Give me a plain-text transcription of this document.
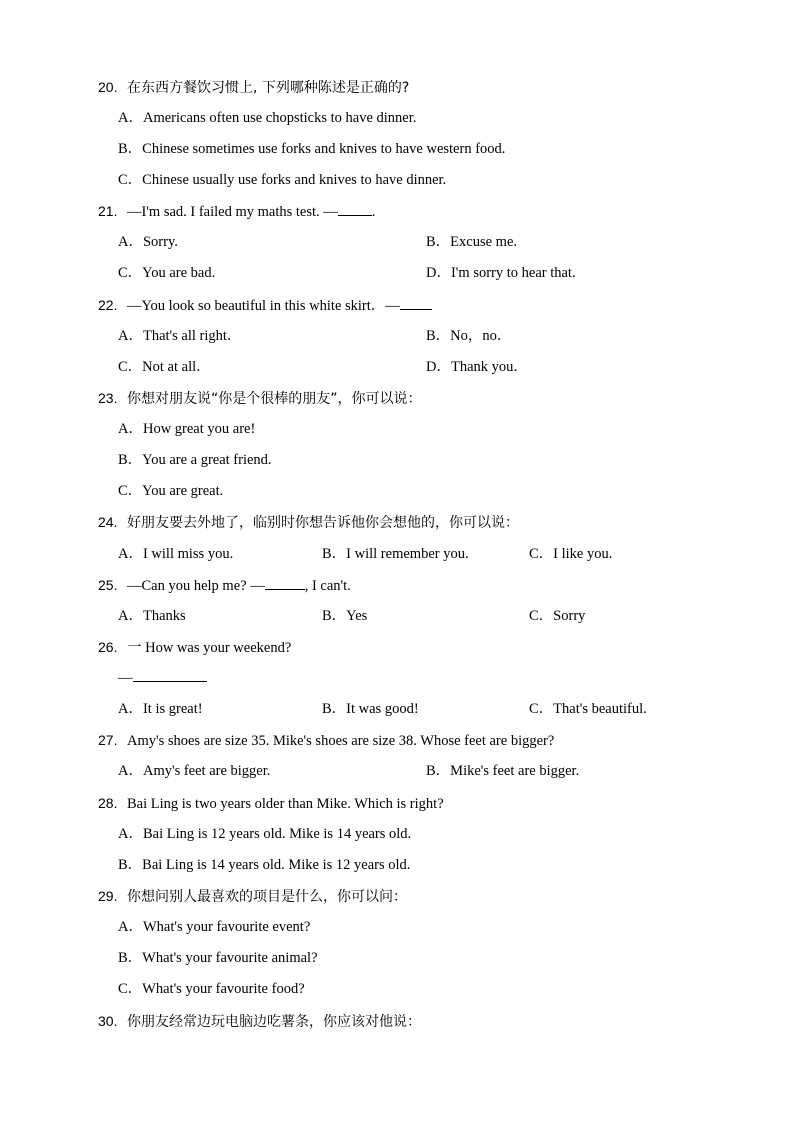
20. 在东西方餐饮习惯上, 下列哪种陈述是正确的?
A．Americans often use chopsticks to have dinner.
B．Chinese sometimes use forks and knives to have western food.
C．Chinese usually use forks and knives to have dinner.
21. —I'm sad. I failed my maths test. — .
A．Sorry.	B．Excuse me.
C．You are bad.	D．I'm sorry to hear that.
22. —You look so beautiful in this white skirt．—
A．That's all right．	B．No，no．
C．Not at all．	D．Thank you．
23. 你想对朋友说“你是个很棒的朋友”，你可以说：
A．How great you are!
B．You are a great friend.
C．You are great.
24. 好朋友要去外地了，临别时你想告诉他你会想他的，你可以说：
A．I will miss you.	B．I will remember you.	C．I like you.
25. —Can you help me? —	, I can't.
A．Thanks	B．Yes	C．Sorry
26. 一 How was your weekend?
—
A．It is great!	B．It was good!	C．That's beautiful.
27. Amy's shoes are size 35. Mike's shoes are size 38. Whose feet are bigger?
A．Amy's feet are bigger.	B．Mike's feet are bigger.
28. Bai Ling is two years older than Mike. Which is right?
A．Bai Ling is 12 years old. Mike is 14 years old.
B．Bai Ling is 14 years old. Mike is 12 years old.
29. 你想问别人最喜欢的项目是什么，你可以问：
A．What's your favourite event?
B．What's your favourite animal?
C．What's your favourite food?
30. 你朋友经常边玩电脑边吃薯条，你应该对他说：
